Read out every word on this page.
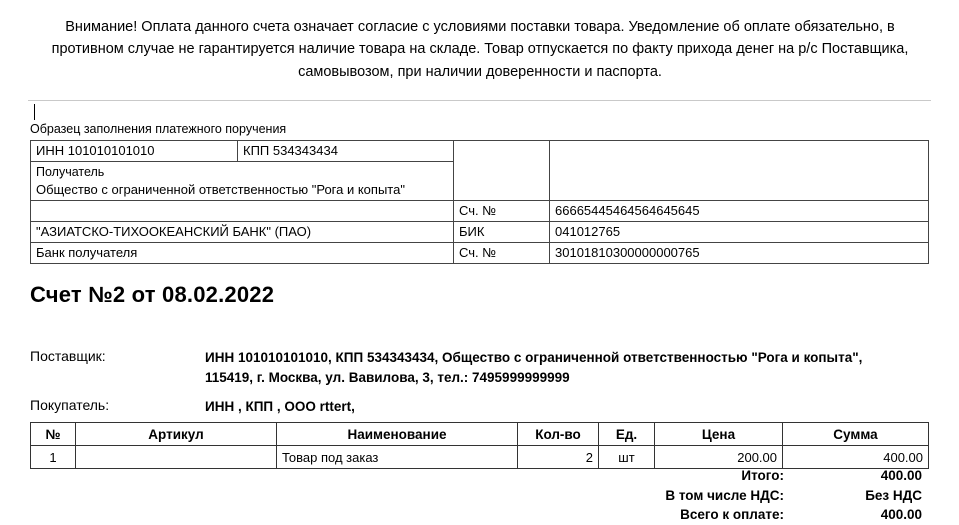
Внимание! Оплата данного счета означает согласие с условиями поставки товара. Уведомление об оплате обязательно, в противном случае не гарантируется наличие товара на складе. Товар отпускается по факту прихода денег на р/с Поставщика, самовывозом, при наличии доверенности и паспорта.
Образец заполнения платежного поручения
ИНН 101010101010	КПП 534343434		

Получатель
Общество с ограниченной ответственностью "Рога и копыта"			

		Сч. №	66665445464564645645
"АЗИАТСКО-ТИХООКЕАНСКИЙ БАНК" (ПАО)		БИК	041012765
Банк получателя		Сч. №	30101810300000000765
Счет №2 от 08.02.2022
Поставщик:	ИНН 101010101010, КПП 534343434, Общество с ограниченной ответственностью "Рога и копыта",
115419, г. Москва, ул. Вавилова, 3, тел.: 7495999999999
Покупатель:	ИНН , КПП , ООО rttert,
№	Артикул	Наименование	Кол-во	Ед.	Цена	Сумма
1		Товар под заказ	2	шт	200.00	400.00
Итого:	400.00
В том числе НДС:	Без НДС
Всего к оплате:	400.00
